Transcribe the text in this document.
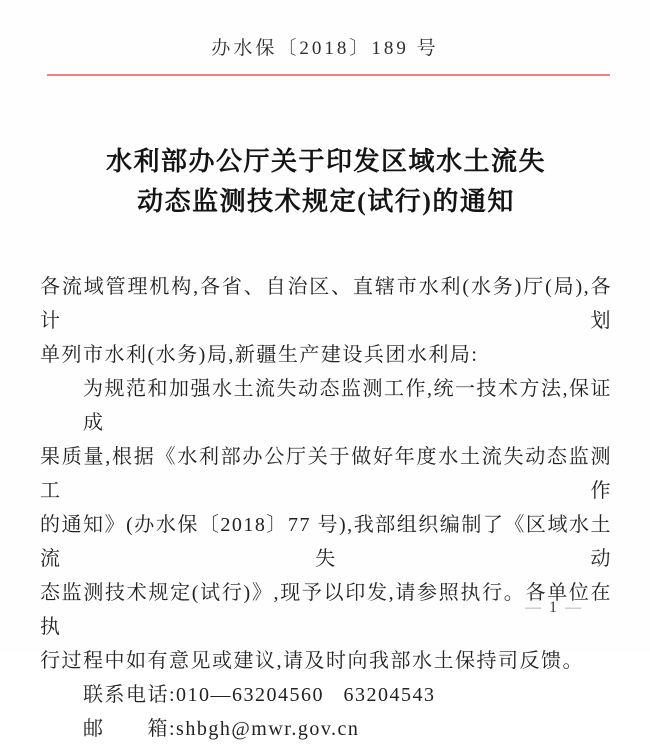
办水保〔2018〕189 号
水利部办公厅关于印发区域水土流失
动态监测技术规定(试行)的通知
各流域管理机构,各省、自治区、直辖市水利(水务)厅(局),各计划
单列市水利(水务)局,新疆生产建设兵团水利局:
为规范和加强水土流失动态监测工作,统一技术方法,保证成
果质量,根据《水利部办公厅关于做好年度水土流失动态监测工作
的通知》(办水保〔2018〕77 号),我部组织编制了《区域水土流失动
态监测技术规定(试行)》,现予以印发,请参照执行。各单位在执
行过程中如有意见或建议,请及时向我部水土保持司反馈。
联系电话:010—63204560   63204543
邮　　箱:shbgh@mwr.gov.cn

— 1 —
